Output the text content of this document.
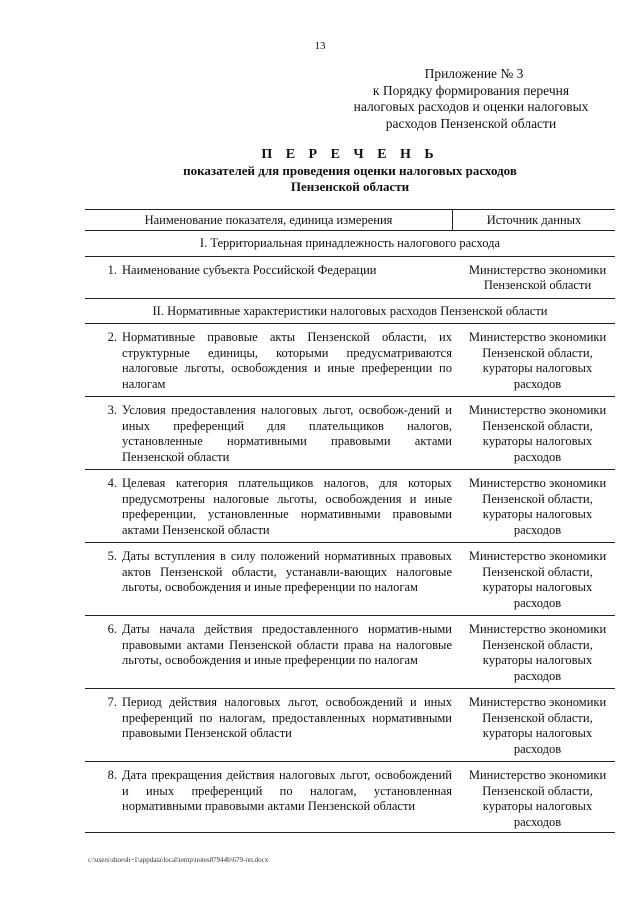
13
Приложение № 3
к Порядку формирования перечня
налоговых расходов и оценки налоговых
расходов Пензенской области
П Е Р Е Ч Е Н Ь
показателей для проведения оценки налоговых расходов
Пензенской области
Наименование показателя, единица измерения	Источник данных
I. Территориальная принадлежность налогового расхода
1. Наименование субъекта Российской Федерации	Министерство экономики Пензенской области
II. Нормативные характеристики налоговых расходов Пензенской области
2. Нормативные правовые акты Пензенской области, их структурные единицы, которыми предусматриваются налоговые льготы, освобождения и иные преференции по налогам
Министерство экономики Пензенской области, кураторы налоговых расходов
3. Условия предоставления налоговых льгот, освобож-дений и иных преференций для плательщиков налогов, установленные нормативными правовыми актами Пензенской области
Министерство экономики Пензенской области, кураторы налоговых расходов
4. Целевая категория плательщиков налогов, для которых предусмотрены налоговые льготы, освобождения и иные преференции, установленные нормативными правовыми актами Пензенской области
Министерство экономики Пензенской области, кураторы налоговых расходов
5. Даты вступления в силу положений нормативных правовых актов Пензенской области, устанавли-вающих налоговые льготы, освобождения и иные преференции по налогам
Министерство экономики Пензенской области, кураторы налоговых расходов
6. Даты начала действия предоставленного норматив-ными правовыми актами Пензенской области права на налоговые льготы, освобождения и иные преференции по налогам
Министерство экономики Пензенской области, кураторы налоговых расходов
7. Период действия налоговых льгот, освобождений и иных преференций по налогам, предоставленных нормативными правовыми Пензенской области
Министерство экономики Пензенской области, кураторы налоговых расходов
8. Дата прекращения действия налоговых льгот, освобождений и иных преференций по налогам, установленная нормативными правовыми актами Пензенской области
Министерство экономики Пензенской области, кураторы налоговых расходов
c:\users\shoroh~1\appdata\local\temp\notes87944b\679-пп.docx
